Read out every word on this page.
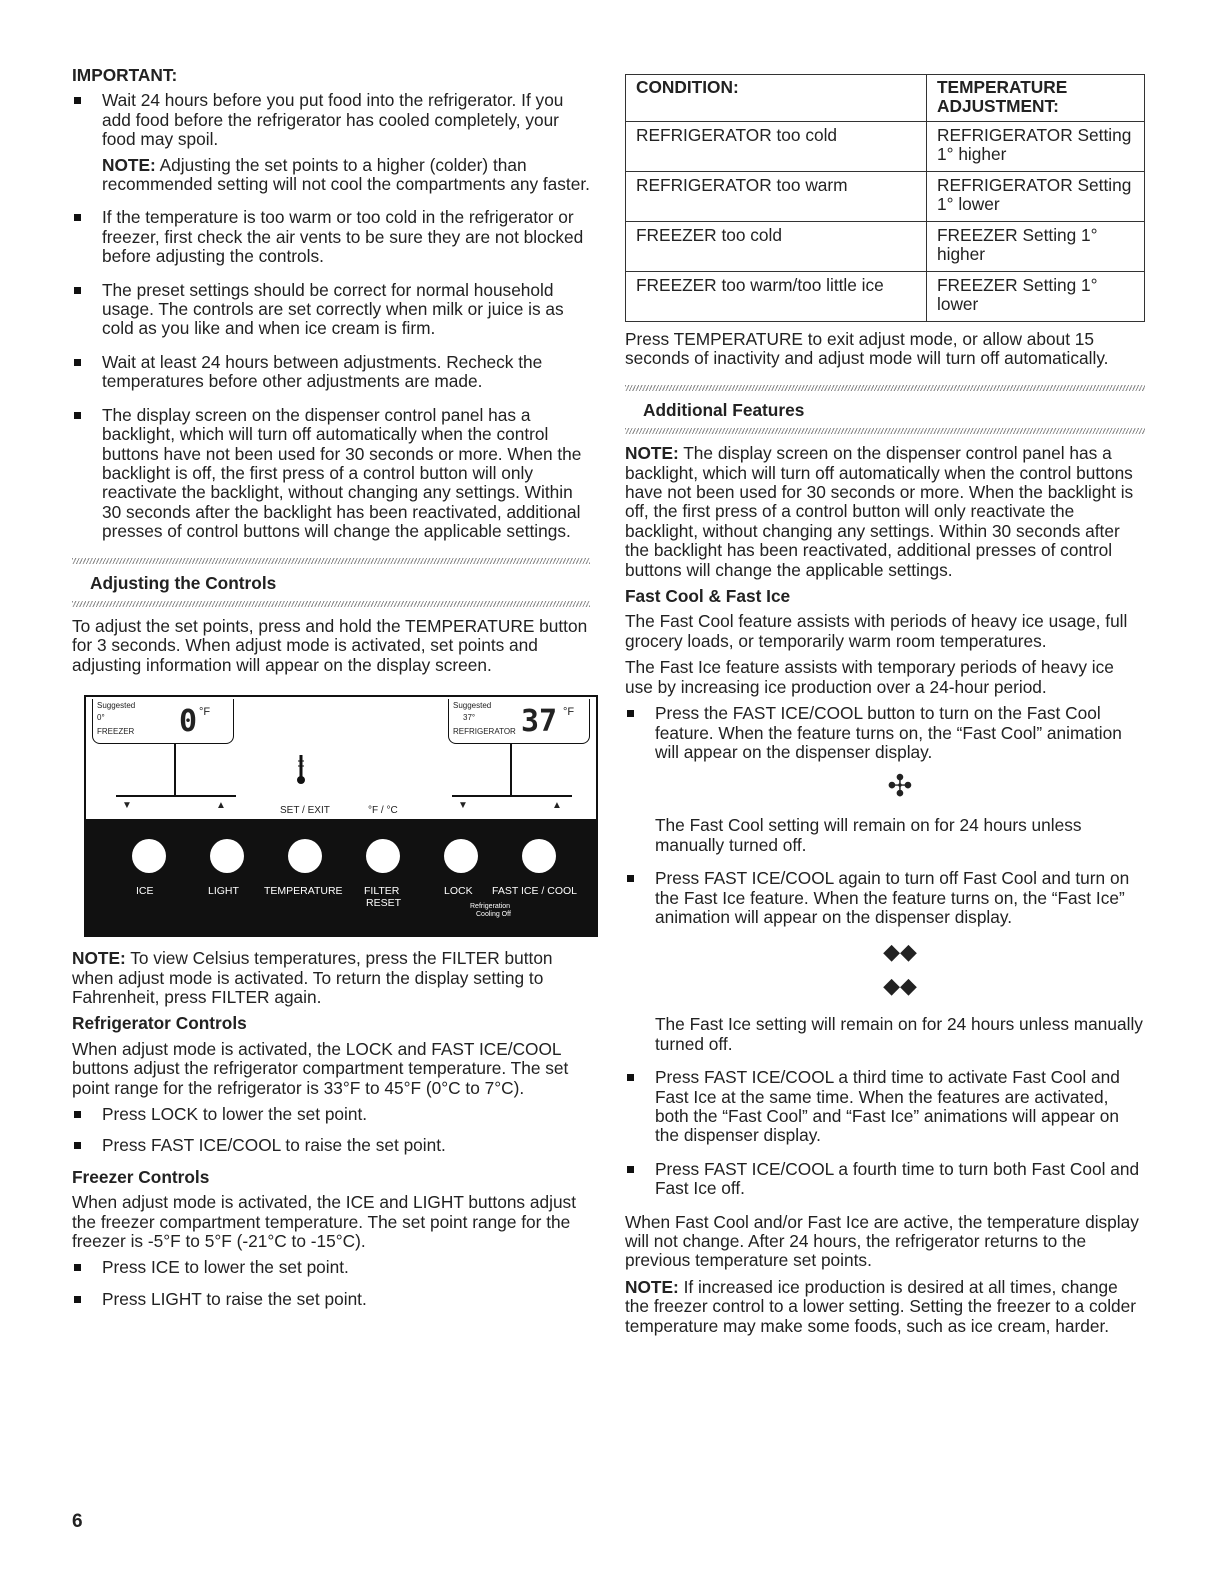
IMPORTANT:
Wait 24 hours before you put food into the refrigerator. If you add food before the refrigerator has cooled completely, your food may spoil.

NOTE: Adjusting the set points to a higher (colder) than recommended setting will not cool the compartments any faster.

If the temperature is too warm or too cold in the refrigerator or freezer, first check the air vents to be sure they are not blocked before adjusting the controls.
The preset settings should be correct for normal household usage. The controls are set correctly when milk or juice is as cold as you like and when ice cream is firm.
Wait at least 24 hours between adjustments. Recheck the temperatures before other adjustments are made.
The display screen on the dispenser control panel has a backlight, which will turn off automatically when the control buttons have not been used for 30 seconds or more. When the backlight is off, the first press of a control button will only reactivate the backlight, without changing any settings. Within 30 seconds after the backlight has been reactivated, additional presses of control buttons will change the applicable settings.
Adjusting the Controls

To adjust the set points, press and hold the TEMPERATURE button for 3 seconds. When adjust mode is activated, set points and adjusting information will appear on the display screen.

Suggested
0°
FREEZER 0 °F
Suggested
37°
REFRIGERATOR 37 °F
▼	▲	▼	▲
SET / EXIT	°F / °C
ICE	LIGHT TEMPERATURE FILTER
RESET
LOCK FAST ICE / COOL
Refrigeration
Cooling Off

NOTE: To view Celsius temperatures, press the FILTER button when adjust mode is activated. To return the display setting to Fahrenheit, press FILTER again.

Refrigerator Controls

When adjust mode is activated, the LOCK and FAST ICE/COOL buttons adjust the refrigerator compartment temperature. The set point range for the refrigerator is 33°F to 45°F (0°C to 7°C).

Press LOCK to lower the set point.
Press FAST ICE/COOL to raise the set point.
Freezer Controls

When adjust mode is activated, the ICE and LIGHT buttons adjust the freezer compartment temperature. The set point range for the freezer is -5°F to 5°F (-21°C to -15°C).

Press ICE to lower the set point.
Press LIGHT to raise the set point.
CONDITION:	TEMPERATURE ADJUSTMENT:
REFRIGERATOR too cold	REFRIGERATOR Setting 1° higher
REFRIGERATOR too warm	REFRIGERATOR Setting 1° lower
FREEZER too cold	FREEZER Setting 1° higher
FREEZER too warm/too little ice	FREEZER Setting 1° lower

Press TEMPERATURE to exit adjust mode, or allow about 15 seconds of inactivity and adjust mode will turn off automatically.

Additional Features

NOTE: The display screen on the dispenser control panel has a backlight, which will turn off automatically when the control buttons have not been used for 30 seconds or more. When the backlight is off, the first press of a control button will only reactivate the backlight, without changing any settings. Within 30 seconds after the backlight has been reactivated, additional presses of control buttons will change the applicable settings.

Fast Cool & Fast Ice

The Fast Cool feature assists with periods of heavy ice usage, full grocery loads, or temporarily warm room temperatures.

The Fast Ice feature assists with temporary periods of heavy ice use by increasing ice production over a 24-hour period.

Press the FAST ICE/COOL button to turn on the Fast Cool feature. When the feature turns on, the “Fast Cool” animation will appear on the dispenser display.
✣
The Fast Cool setting will remain on for 24 hours unless manually turned off.
Press FAST ICE/COOL again to turn off Fast Cool and turn on the Fast Ice feature. When the feature turns on, the “Fast Ice” animation will appear on the dispenser display.
◆◆
◆◆
The Fast Ice setting will remain on for 24 hours unless manually turned off.
Press FAST ICE/COOL a third time to activate Fast Cool and Fast Ice at the same time. When the features are activated, both the “Fast Cool” and “Fast Ice” animations will appear on the dispenser display.
Press FAST ICE/COOL a fourth time to turn both Fast Cool and Fast Ice off.

When Fast Cool and/or Fast Ice are active, the temperature display will not change. After 24 hours, the refrigerator returns to the previous temperature set points.

NOTE: If increased ice production is desired at all times, change the freezer control to a lower setting. Setting the freezer to a colder temperature may make some foods, such as ice cream, harder.

6
